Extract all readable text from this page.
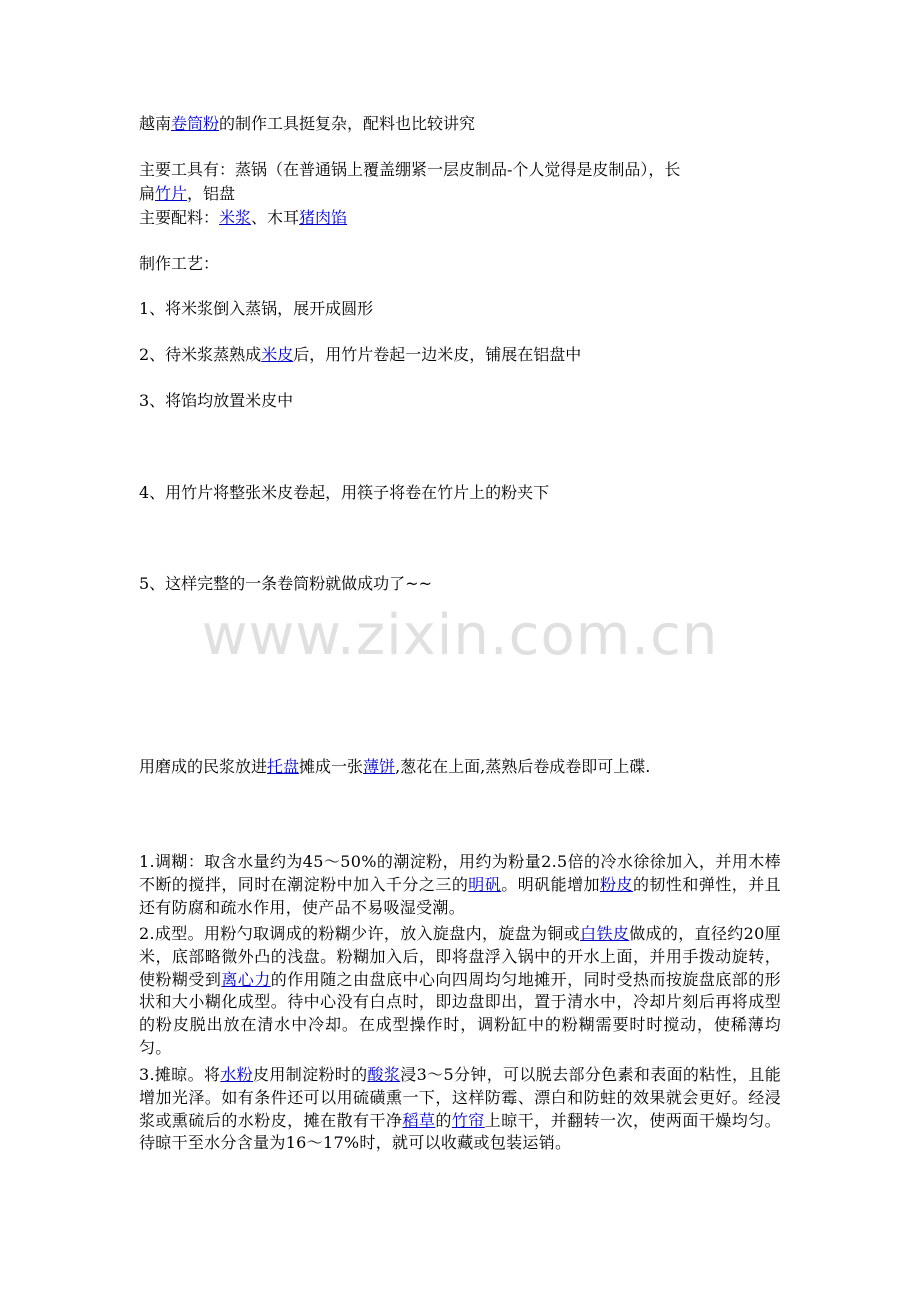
越南卷筒粉的制作工具挺复杂，配料也比较讲究
主要工具有：蒸锅（在普通锅上覆盖绷紧一层皮制品-个人觉得是皮制品），长
扁竹片，铝盘
主要配料：米浆、木耳猪肉馅
制作工艺：
1、将米浆倒入蒸锅，展开成圆形
2、待米浆蒸熟成米皮后，用竹片卷起一边米皮，铺展在铝盘中
3、将馅均放置米皮中
4、用竹片将整张米皮卷起，用筷子将卷在竹片上的粉夹下
5、这样完整的一条卷筒粉就做成功了~~
用磨成的民浆放进托盘摊成一张薄饼,葱花在上面,蒸熟后卷成卷即可上碟.
1.调糊：取含水量约为45～50%的潮淀粉，用约为粉量2.5倍的冷水徐徐加入，并用木棒不断的搅拌，同时在潮淀粉中加入千分之三的明矾。明矾能增加粉皮的韧性和弹性，并且还有防腐和疏水作用，使产品不易吸湿受潮。
2.成型。用粉勺取调成的粉糊少许，放入旋盘内，旋盘为铜或白铁皮做成的，直径约20厘米，底部略微外凸的浅盘。粉糊加入后，即将盘浮入锅中的开水上面，并用手拨动旋转，使粉糊受到离心力的作用随之由盘底中心向四周均匀地摊开，同时受热而按旋盘底部的形状和大小糊化成型。待中心没有白点时，即边盘即出，置于清水中，冷却片刻后再将成型的粉皮脱出放在清水中冷却。在成型操作时，调粉缸中的粉糊需要时时搅动，使稀薄均匀。
3.摊晾。将水粉皮用制淀粉时的酸浆浸3～5分钟，可以脱去部分色素和表面的粘性，且能增加光泽。如有条件还可以用硫磺熏一下，这样防霉、漂白和防蛀的效果就会更好。经浸浆或熏硫后的水粉皮，摊在散有干净稻草的竹帘上晾干，并翻转一次，使两面干燥均匀。待晾干至水分含量为16～17%时，就可以收藏或包装运销。
www.zixin.com.cn
